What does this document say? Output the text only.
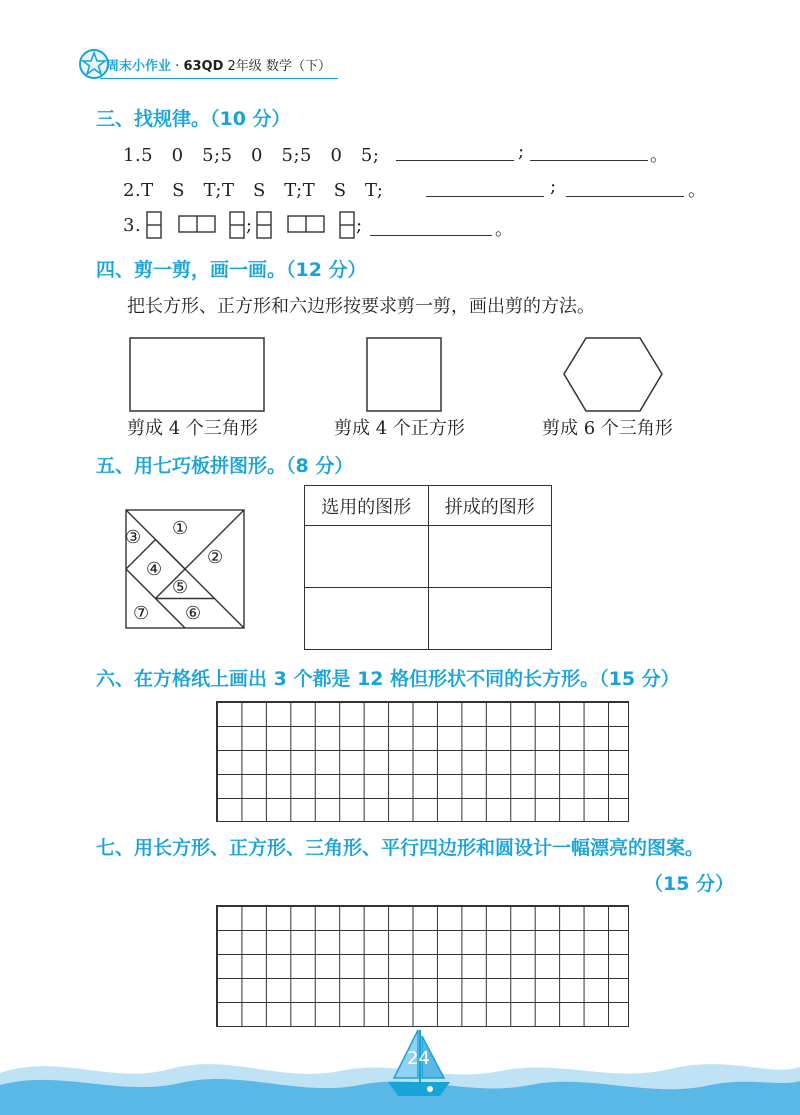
周末小作业 · 63QD 2年级 数学（下）
三、找规律。（10 分）
1.5　0　5;5　0　5;5　0　5;	;	。
2.T　S　T;T　S　T;T　S　T;	;	。
3.	;	;	。
四、剪一剪，画一画。（12 分）
把长方形、正方形和六边形按要求剪一剪，画出剪的方法。
剪成 4 个三角形	剪成 4 个正方形	剪成 6 个三角形
五、用七巧板拼图形。（8 分）
①
②
③
④
⑤
⑥
⑦
选用的图形	拼成的图形

六、在方格纸上画出 3 个都是 12 格但形状不同的长方形。（15 分）
七、用长方形、正方形、三角形、平行四边形和圆设计一幅漂亮的图案。
（15 分）
24
